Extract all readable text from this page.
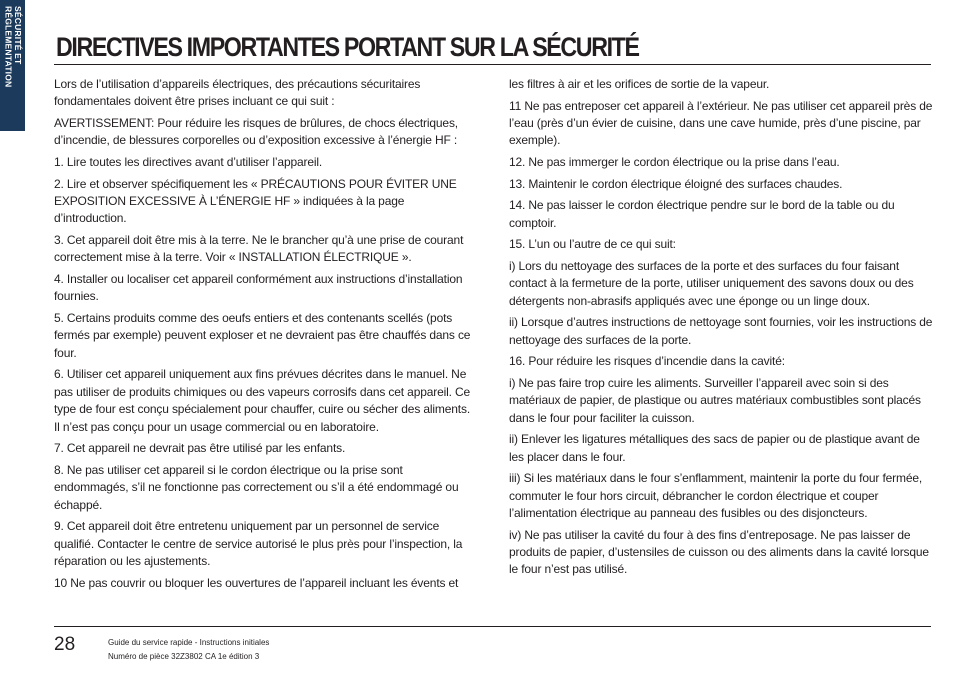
SÉCURITÉ ET
RÉGLEMENTATION DIRECTIVES IMPORTANTES PORTANT SUR LA SÉCURITÉ

Lors de l’utilisation d’appareils électriques, des précautions sécuritaires fondamentales doivent être prises incluant ce qui suit :

AVERTISSEMENT: Pour réduire les risques de brûlures, de chocs électriques, d’incendie, de blessures corporelles ou d’exposition excessive à l’énergie HF :

1. Lire toutes les directives avant d’utiliser l’appareil.

2. Lire et observer spécifiquement les « PRÉCAUTIONS POUR ÉVITER UNE EXPOSITION EXCESSIVE À L’ÉNERGIE HF » indiquées à la page d’introduction.

3. Cet appareil doit être mis à la terre. Ne le brancher qu’à une prise de courant correctement mise à la terre. Voir « INSTALLATION ÉLECTRIQUE ».

4. Installer ou localiser cet appareil conformément aux instructions d’installation fournies.

5. Certains produits comme des oeufs entiers et des contenants scellés (pots fermés par exemple) peuvent exploser et ne devraient pas être chauffés dans ce four.

6. Utiliser cet appareil uniquement aux fins prévues décrites dans le manuel. Ne pas utiliser de produits chimiques ou des vapeurs corrosifs dans cet appareil. Ce type de four est conçu spécialement pour chauffer, cuire ou sécher des aliments. Il n’est pas conçu pour un usage commercial ou en laboratoire.

7. Cet appareil ne devrait pas être utilisé par les enfants.

8. Ne pas utiliser cet appareil si le cordon électrique ou la prise sont endommagés, s’il ne fonctionne pas correctement ou s’il a été endommagé ou échappé.

9. Cet appareil doit être entretenu uniquement par un personnel de service qualifié. Contacter le centre de service autorisé le plus près pour l’inspection, la réparation ou les ajustements.

10 Ne pas couvrir ou bloquer les ouvertures de l’appareil incluant les évents et

les filtres à air et les orifices de sortie de la vapeur.

11 Ne pas entreposer cet appareil à l’extérieur. Ne pas utiliser cet appareil près de l’eau (près d’un évier de cuisine, dans une cave humide, près d’une piscine, par exemple).

12. Ne pas immerger le cordon électrique ou la prise dans l’eau.

13. Maintenir le cordon électrique éloigné des surfaces chaudes.

14. Ne pas laisser le cordon électrique pendre sur le bord de la table ou du comptoir.

15. L’un ou l’autre de ce qui suit:

i) Lors du nettoyage des surfaces de la porte et des surfaces du four faisant contact à la fermeture de la porte, utiliser uniquement des savons doux ou des détergents non-abrasifs appliqués avec une éponge ou un linge doux.

ii) Lorsque d’autres instructions de nettoyage sont fournies, voir les instructions de nettoyage des surfaces de la porte.

16. Pour réduire les risques d’incendie dans la cavité:

i) Ne pas faire trop cuire les aliments. Surveiller l’appareil avec soin si des matériaux de papier, de plastique ou autres matériaux combustibles sont placés dans le four pour faciliter la cuisson.

ii) Enlever les ligatures métalliques des sacs de papier ou de plastique avant de les placer dans le four.

iii) Si les matériaux dans le four s’enflamment, maintenir la porte du four fermée, commuter le four hors circuit, débrancher le cordon électrique et couper l’alimentation électrique au panneau des fusibles ou des disjoncteurs.

iv) Ne pas utiliser la cavité du four à des fins d’entreposage. Ne pas laisser de produits de papier, d’ustensiles de cuisson ou des aliments dans la cavité lorsque le four n’est pas utilisé.

28	Guide du service rapide - Instructions initiales
Numéro de pièce 32Z3802 CA 1e édition 3
